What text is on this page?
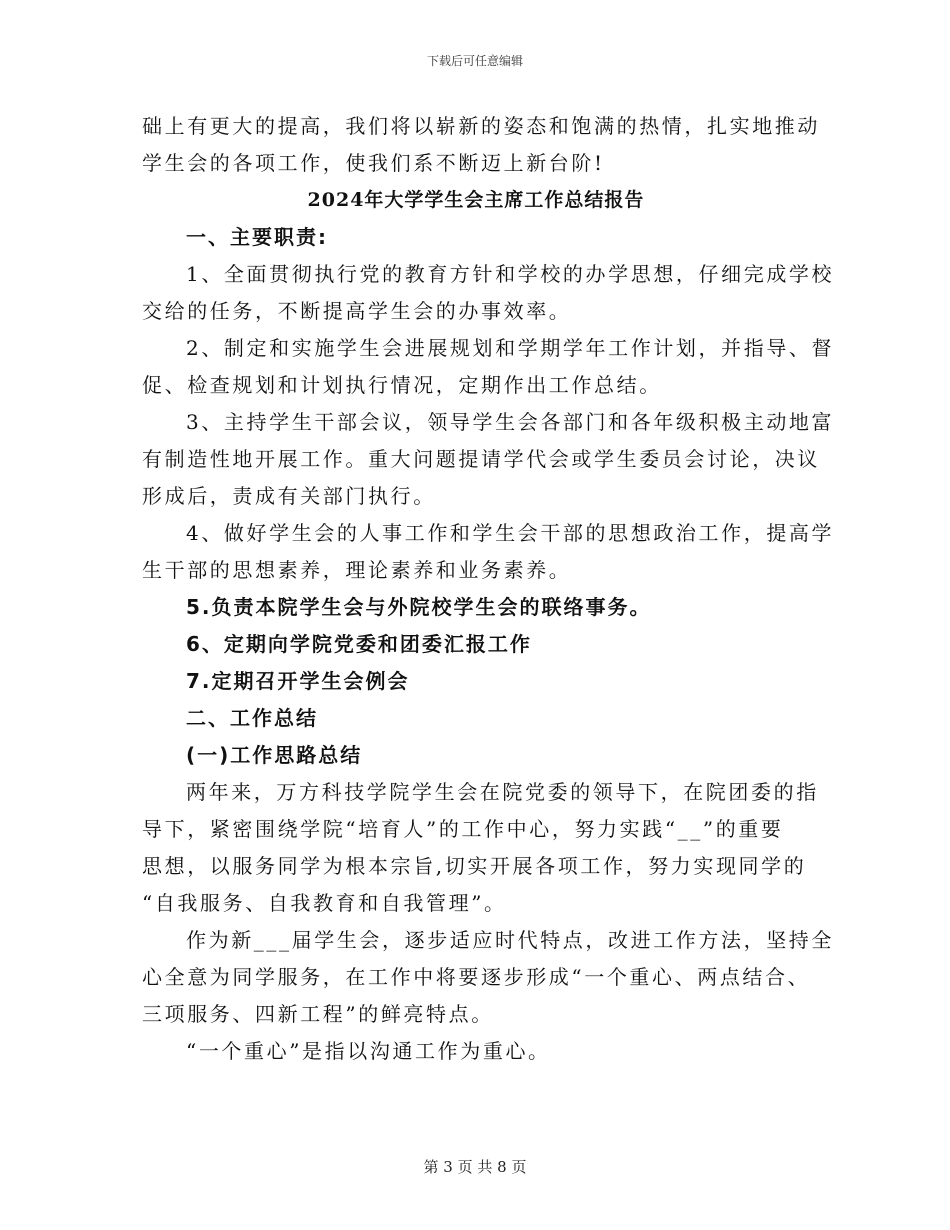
下载后可任意编辑
础上有更大的提高，我们将以崭新的姿态和饱满的热情，扎实地推动
学生会的各项工作，使我们系不断迈上新台阶!
2024年大学学生会主席工作总结报告
一、主要职责:
1、全面贯彻执行党的教育方针和学校的办学思想，仔细完成学校
交给的任务，不断提高学生会的办事效率。
2、制定和实施学生会进展规划和学期学年工作计划，并指导、督
促、检查规划和计划执行情况，定期作出工作总结。
3、主持学生干部会议，领导学生会各部门和各年级积极主动地富
有制造性地开展工作。重大问题提请学代会或学生委员会讨论，决议
形成后，责成有关部门执行。
4、做好学生会的人事工作和学生会干部的思想政治工作，提高学
生干部的思想素养，理论素养和业务素养。
5.负责本院学生会与外院校学生会的联络事务。
6、定期向学院党委和团委汇报工作
7.定期召开学生会例会
二、工作总结
(一)工作思路总结
两年来，万方科技学院学生会在院党委的领导下，在院团委的指
导下，紧密围绕学院“培育人”的工作中心，努力实践“__”的重要
思想，以服务同学为根本宗旨,切实开展各项工作，努力实现同学的
“自我服务、自我教育和自我管理”。
作为新___届学生会，逐步适应时代特点，改进工作方法，坚持全
心全意为同学服务，在工作中将要逐步形成“一个重心、两点结合、
三项服务、四新工程”的鲜亮特点。
“一个重心”是指以沟通工作为重心。
第 3 页 共 8 页
